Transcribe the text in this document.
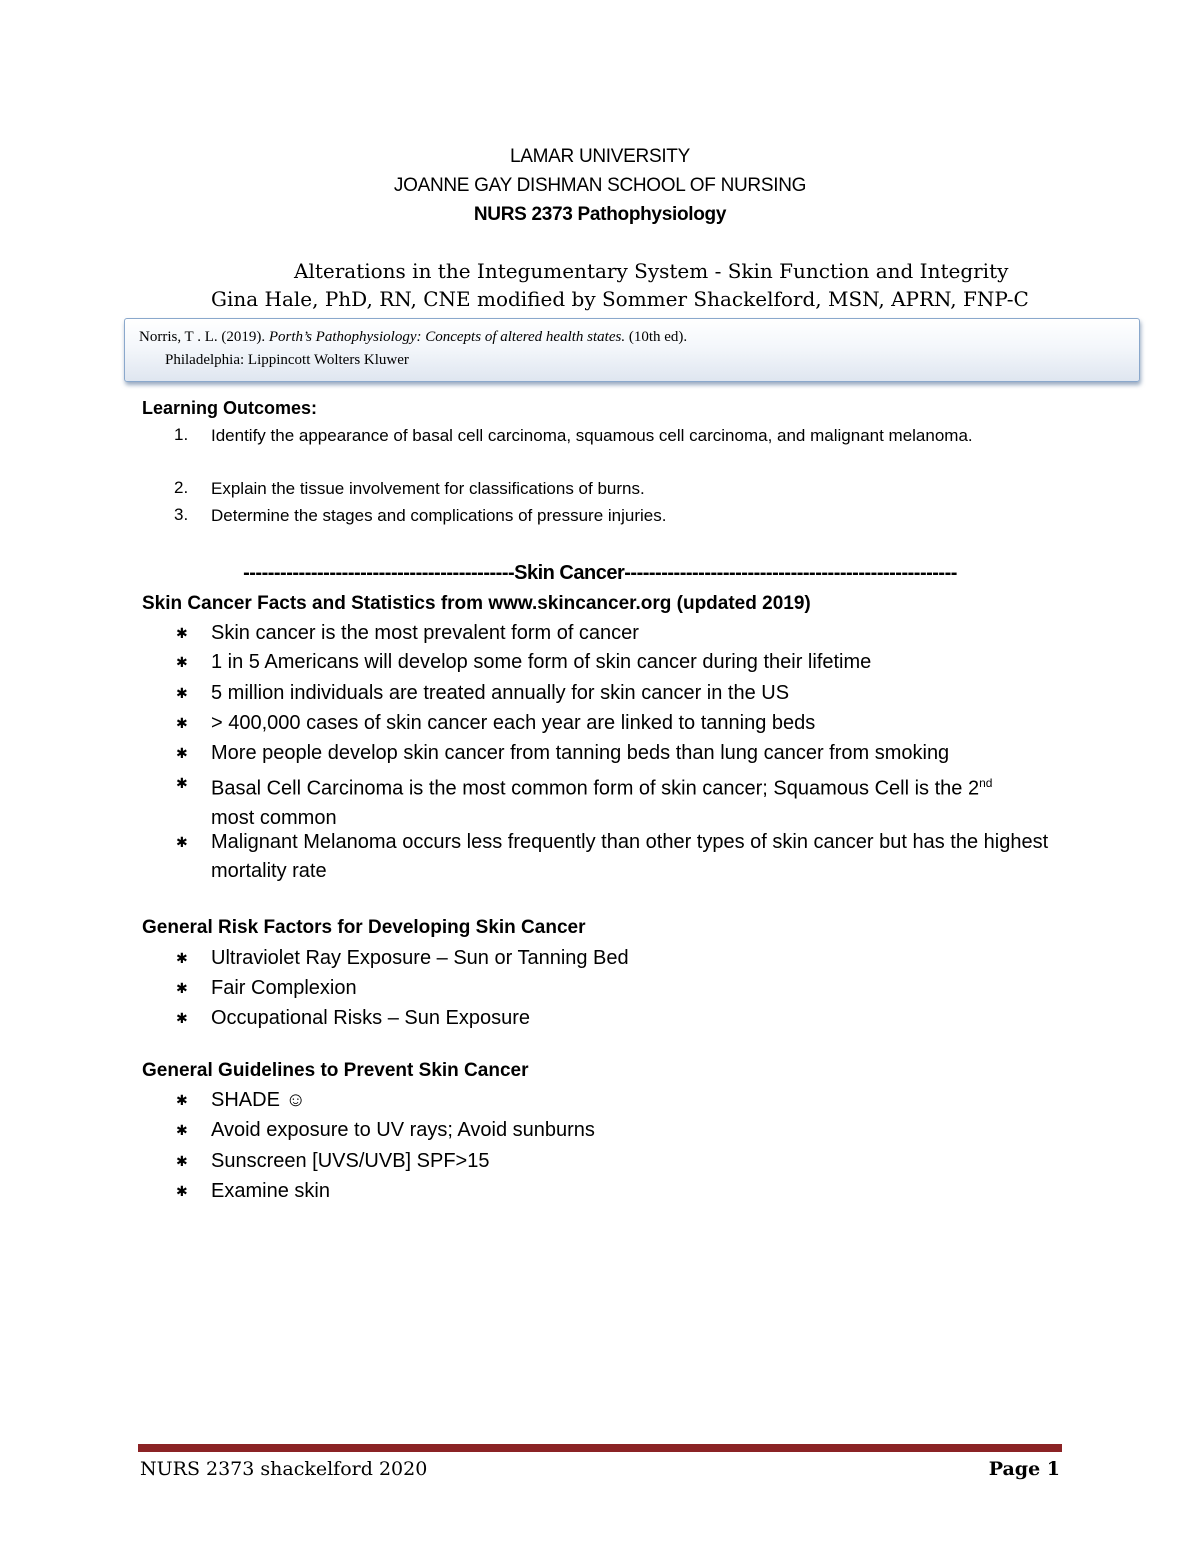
LAMAR UNIVERSITY
JOANNE GAY DISHMAN SCHOOL OF NURSING
NURS 2373 Pathophysiology
Alterations in the Integumentary System - Skin Function and Integrity
Gina Hale, PhD, RN, CNE modified by Sommer Shackelford, MSN, APRN, FNP-C
Norris, T . L. (2019). Porth’s Pathophysiology: Concepts of altered health states. (10th ed).
Philadelphia: Lippincott Wolters Kluwer
Learning Outcomes:
1. Identify the appearance of basal cell carcinoma, squamous cell carcinoma, and malignant melanoma.
2. Explain the tissue involvement for classifications of burns.
3. Determine the stages and complications of pressure injuries.
--------------------------------------------Skin Cancer------------------------------------------------------
Skin Cancer Facts and Statistics from www.skincancer.org (updated 2019)
✱ Skin cancer is the most prevalent form of cancer
✱ 1 in 5 Americans will develop some form of skin cancer during their lifetime
✱ 5 million individuals are treated annually for skin cancer in the US
✱ > 400,000 cases of skin cancer each year are linked to tanning beds
✱ More people develop skin cancer from tanning beds than lung cancer from smoking
✱ Basal Cell Carcinoma is the most common form of skin cancer; Squamous Cell is the 2nd
most common
✱ Malignant Melanoma occurs less frequently than other types of skin cancer but has the highest mortality rate
General Risk Factors for Developing Skin Cancer
✱ Ultraviolet Ray Exposure – Sun or Tanning Bed
✱ Fair Complexion
✱ Occupational Risks – Sun Exposure
General Guidelines to Prevent Skin Cancer
✱ SHADE ☺
✱ Avoid exposure to UV rays; Avoid sunburns
✱ Sunscreen [UVS/UVB] SPF>15
✱ Examine skin
NURS 2373 shackelford 2020	Page 1
